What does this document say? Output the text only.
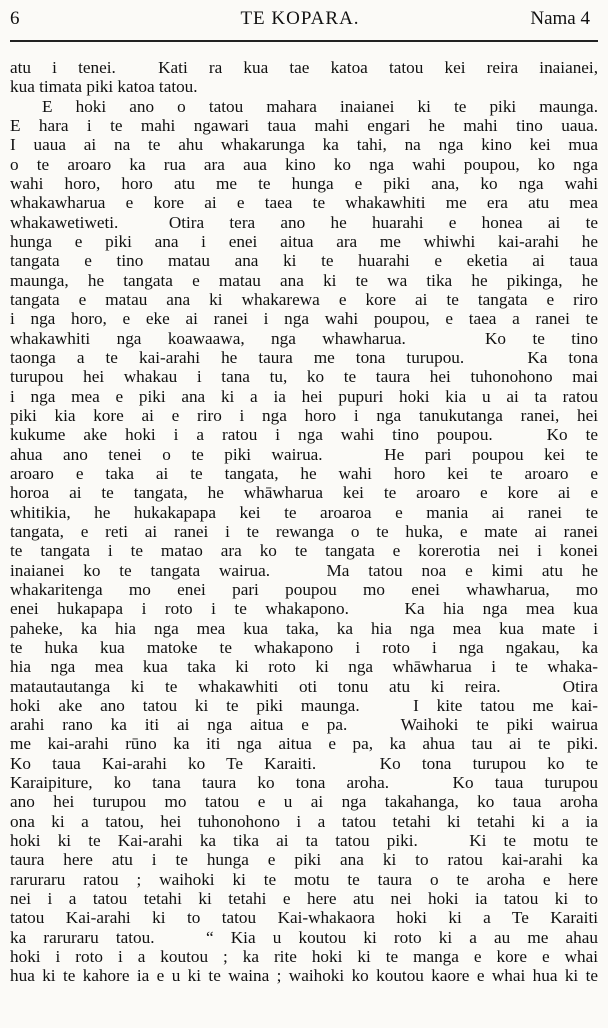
6	TE KOPARA.	Nama 4
atu i tenei.  Kati ra kua tae katoa tatou kei reira inaianei,
kua timata piki katoa tatou.
E hoki ano o tatou mahara inaianei ki te piki maunga.
E hara i te mahi ngawari taua mahi engari he mahi tino uaua.
I uaua ai na te ahu whakarunga ka tahi, na nga kino kei mua
o te aroaro ka rua ara aua kino ko nga wahi poupou, ko nga
wahi horo, horo atu me te hunga e piki ana, ko nga wahi
whakawharua e kore ai e taea te whakawhiti me era atu mea
whakawetiweti.  Otira tera ano he huarahi e honea ai te
hunga e piki ana i enei aitua ara me whiwhi kai-arahi he
tangata e tino matau ana ki te huarahi e eketia ai taua
maunga, he tangata e matau ana ki te wa tika he pikinga, he
tangata e matau ana ki whakarewa e kore ai te tangata e riro
i nga horo, e eke ai ranei i nga wahi poupou, e taea a ranei te
whakawhiti nga koawaawa, nga whawharua.   Ko te tino
taonga a te kai-arahi he taura me tona turupou.   Ka tona
turupou hei whakau i tana tu, ko te taura hei tuhonohono mai
i nga mea e piki ana ki a ia hei pupuri hoki kia u ai ta ratou
piki kia kore ai e riro i nga horo i nga tanukutanga ranei, hei
kukume ake hoki i a ratou i nga wahi tino poupou.   Ko te
ahua ano tenei o te piki wairua.   He pari poupou kei te
aroaro e taka ai te tangata, he wahi horo kei te aroaro e
horoa ai te tangata, he whāwharua kei te aroaro e kore ai e
whitikia, he hukakapapa kei te aroaroa e mania ai ranei te
tangata, e reti ai ranei i te rewanga o te huka, e mate ai ranei
te tangata i te matao ara ko te tangata e korerotia nei i konei
inaianei ko te tangata wairua.   Ma tatou noa e kimi atu he
whakaritenga mo enei pari poupou mo enei whawharua, mo
enei hukapapa i roto i te whakapono.   Ka hia nga mea kua
paheke, ka hia nga mea kua taka, ka hia nga mea kua mate i
te huka kua matoke te whakapono i roto i nga ngakau, ka
hia nga mea kua taka ki roto ki nga whāwharua i te whaka-
matautautanga ki te whakawhiti oti tonu atu ki reira.   Otira
hoki ake ano tatou ki te piki maunga.   I kite tatou me kai-
arahi rano ka iti ai nga aitua e pa.   Waihoki te piki wairua
me kai-arahi rūno ka iti nga aitua e pa, ka ahua tau ai te piki.
Ko taua Kai-arahi ko Te Karaiti.   Ko tona turupou ko te
Karaipiture, ko tana taura ko tona aroha.   Ko taua turupou
ano hei turupou mo tatou e u ai nga takahanga, ko taua aroha
ona ki a tatou, hei tuhonohono i a tatou tetahi ki tetahi ki a ia
hoki ki te Kai-arahi ka tika ai ta tatou piki.   Ki te motu te
taura here atu i te hunga e piki ana ki to ratou kai-arahi ka
raruraru ratou ; waihoki ki te motu te taura o te aroha e here
nei i a tatou tetahi ki tetahi e here atu nei hoki ia tatou ki to
tatou Kai-arahi ki to tatou Kai-whakaora hoki ki a Te Karaiti
ka raruraru tatou.   “ Kia u koutou ki roto ki a au me ahau
hoki i roto i a koutou ; ka rite hoki ki te manga e kore e whai
hua ki te kahore ia e u ki te waina ; waihoki ko koutou kaore e whai hua ki te
